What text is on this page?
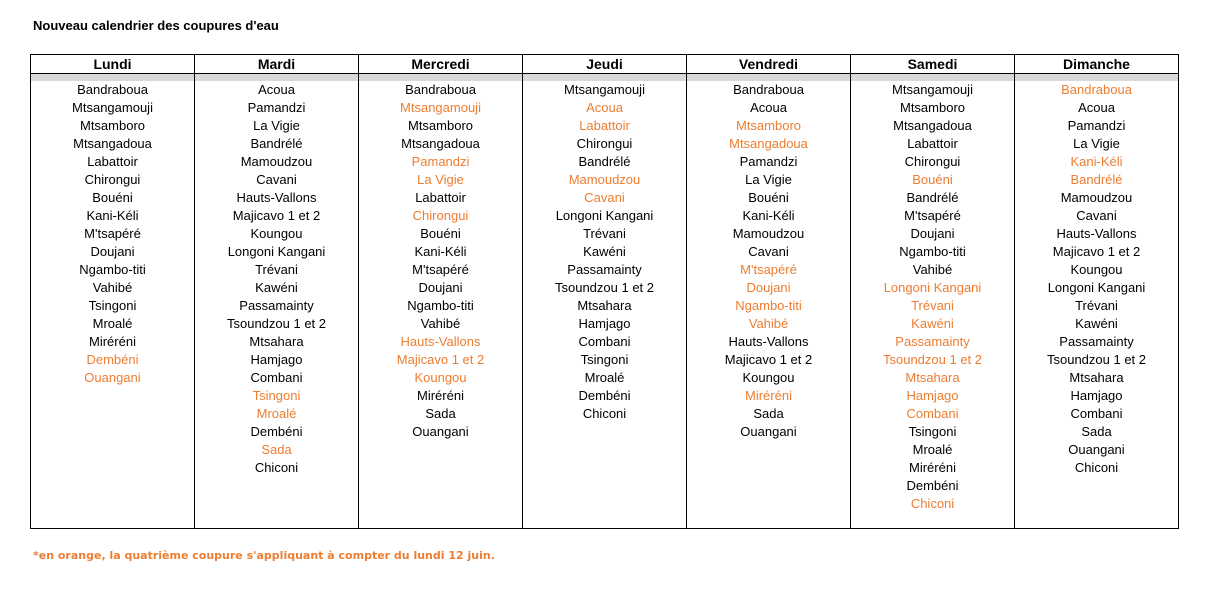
Nouveau calendrier des coupures d'eau
Lundi
Bandraboua
Mtsangamouji
Mtsamboro
Mtsangadoua
Labattoir
Chirongui
Bouéni
Kani-Kéli
M'tsapéré
Doujani
Ngambo-titi
Vahibé
Tsingoni
Mroalé
Miréréni
Dembéni
Ouangani
Mardi
Acoua
Pamandzi
La Vigie
Bandrélé
Mamoudzou
Cavani
Hauts-Vallons
Majicavo 1 et 2
Koungou
Longoni Kangani
Trévani
Kawéni
Passamainty
Tsoundzou 1 et 2
Mtsahara
Hamjago
Combani
Tsingoni
Mroalé
Dembéni
Sada
Chiconi
Mercredi
Bandraboua
Mtsangamouji
Mtsamboro
Mtsangadoua
Pamandzi
La Vigie
Labattoir
Chirongui
Bouéni
Kani-Kéli
M'tsapéré
Doujani
Ngambo-titi
Vahibé
Hauts-Vallons
Majicavo 1 et 2
Koungou
Miréréni
Sada
Ouangani
Jeudi
Mtsangamouji
Acoua
Labattoir
Chirongui
Bandrélé
Mamoudzou
Cavani
Longoni Kangani
Trévani
Kawéni
Passamainty
Tsoundzou 1 et 2
Mtsahara
Hamjago
Combani
Tsingoni
Mroalé
Dembéni
Chiconi
Vendredi
Bandraboua
Acoua
Mtsamboro
Mtsangadoua
Pamandzi
La Vigie
Bouéni
Kani-Kéli
Mamoudzou
Cavani
M'tsapéré
Doujani
Ngambo-titi
Vahibé
Hauts-Vallons
Majicavo 1 et 2
Koungou
Miréréni
Sada
Ouangani
Samedi
Mtsangamouji
Mtsamboro
Mtsangadoua
Labattoir
Chirongui
Bouéni
Bandrélé
M'tsapéré
Doujani
Ngambo-titi
Vahibé
Longoni Kangani
Trévani
Kawéni
Passamainty
Tsoundzou 1 et 2
Mtsahara
Hamjago
Combani
Tsingoni
Mroalé
Miréréni
Dembéni
Chiconi
Dimanche
Bandraboua
Acoua
Pamandzi
La Vigie
Kani-Kéli
Bandrélé
Mamoudzou
Cavani
Hauts-Vallons
Majicavo 1 et 2
Koungou
Longoni Kangani
Trévani
Kawéni
Passamainty
Tsoundzou 1 et 2
Mtsahara
Hamjago
Combani
Sada
Ouangani
Chiconi
*en orange, la quatrième coupure s'appliquant à compter du lundi 12 juin.
